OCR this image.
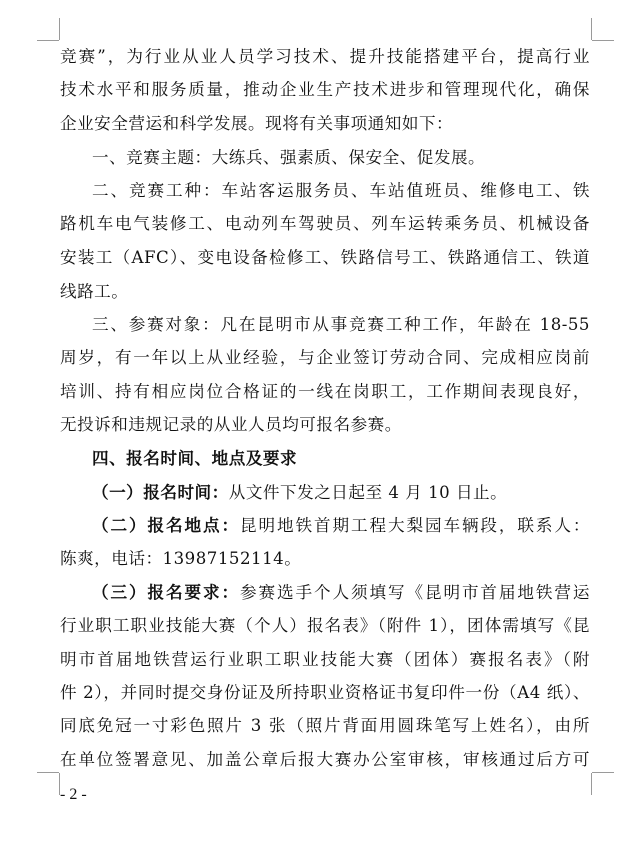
竞赛”，为行业从业人员学习技术、提升技能搭建平台，提高行业
技术水平和服务质量，推动企业生产技术进步和管理现代化，确保
企业安全营运和科学发展。现将有关事项通知如下：
一、竞赛主题：大练兵、强素质、保安全、促发展。
二、竞赛工种：车站客运服务员、车站值班员、维修电工、铁
路机车电气装修工、电动列车驾驶员、列车运转乘务员、机械设备
安装工（AFC）、变电设备检修工、铁路信号工、铁路通信工、铁道
线路工。
三、参赛对象：凡在昆明市从事竞赛工种工作，年龄在 18-55
周岁，有一年以上从业经验，与企业签订劳动合同、完成相应岗前
培训、持有相应岗位合格证的一线在岗职工，工作期间表现良好，
无投诉和违规记录的从业人员均可报名参赛。
四、报名时间、地点及要求
（一）报名时间：从文件下发之日起至 4 月 10 日止。
（二）报名地点：昆明地铁首期工程大梨园车辆段，联系人：
陈爽，电话：13987152114。
（三）报名要求：参赛选手个人须填写《昆明市首届地铁营运
行业职工职业技能大赛（个人）报名表》（附件 1），团体需填写《昆
明市首届地铁营运行业职工职业技能大赛（团体）赛报名表》（附
件 2），并同时提交身份证及所持职业资格证书复印件一份（A4 纸）、
同底免冠一寸彩色照片 3 张（照片背面用圆珠笔写上姓名），由所
在单位签署意见、加盖公章后报大赛办公室审核，审核通过后方可
- 2 -
